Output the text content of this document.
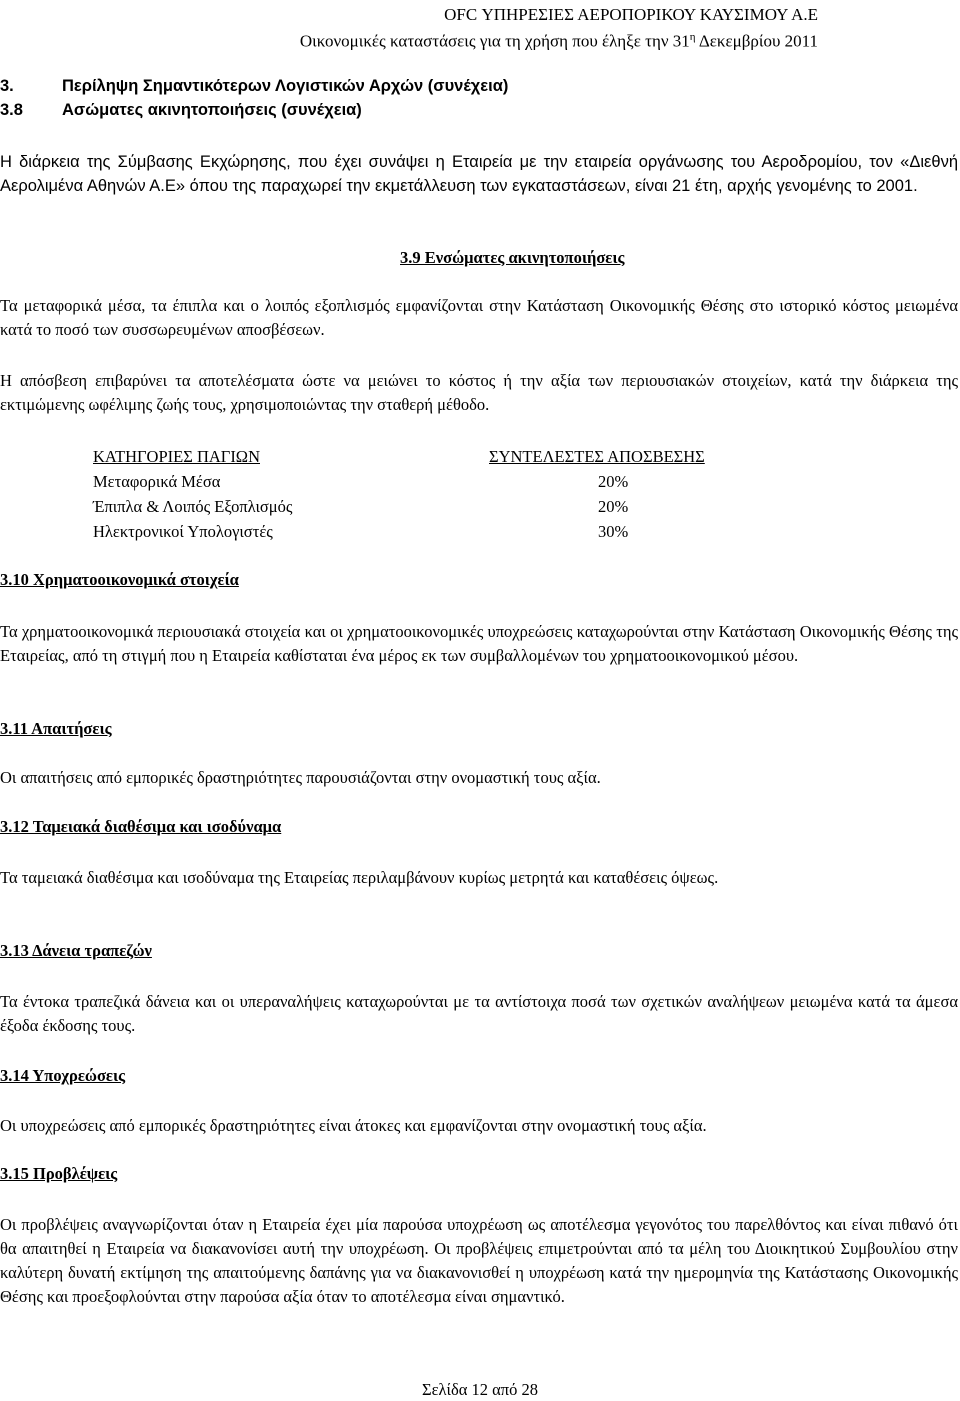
OFC ΥΠΗΡΕΣΙΕΣ ΑΕΡΟΠΟΡΙΚΟΥ ΚΑΥΣΙΜΟΥ Α.Ε
Οικονομικές καταστάσεις για τη χρήση που έληξε την $31^\eta$ Δεκεμβρίου 2011
3.	Περίληψη Σημαντικότερων Λογιστικών Αρχών (συνέχεια)
3.8 Ασώματες ακινητοποιήσεις (συνέχεια)

Η διάρκεια της Σύμβασης Εκχώρησης, που έχει συνάψει η Εταιρεία με την εταιρεία οργάνωσης του Αεροδρομίου, τον «Διεθνή Αερολιμένα Αθηνών Α.Ε» όπου της παραχωρεί την εκμετάλλευση των εγκαταστάσεων, είναι 21 έτη, αρχής γενομένης το 2001.

3.9 Ενσώματες ακινητοποιήσεις

Τα μεταφορικά μέσα, τα έπιπλα και ο λοιπός εξοπλισμός εμφανίζονται στην Κατάσταση Οικονομικής Θέσης στο ιστορικό κόστος μειωμένα κατά το ποσό των συσσωρευμένων αποσβέσεων.

Η απόσβεση επιβαρύνει τα αποτελέσματα ώστε να μειώνει το κόστος ή την αξία των περιουσιακών στοιχείων, κατά την διάρκεια της εκτιμώμενης ωφέλιμης ζωής τους, χρησιμοποιώντας την σταθερή μέθοδο.

ΚΑΤΗΓΟΡΙΕΣ ΠΑΓΙΩΝ	ΣΥΝΤΕΛΕΣΤΕΣ ΑΠΟΣΒΕΣΗΣ
Μεταφορικά Μέσα	20%
Έπιπλα & Λοιπός Εξοπλισμός	20%
Ηλεκτρονικοί Υπολογιστές	30%
3.10 Χρηματοοικονομικά στοιχεία

Τα χρηματοοικονομικά περιουσιακά στοιχεία και οι χρηματοοικονομικές υποχρεώσεις καταχωρούνται στην Κατάσταση Οικονομικής Θέσης της Εταιρείας, από τη στιγμή που η Εταιρεία καθίσταται ένα μέρος εκ των συμβαλλομένων του χρηματοοικονομικού μέσου.

3.11 Απαιτήσεις

Οι απαιτήσεις από εμπορικές δραστηριότητες παρουσιάζονται στην ονομαστική τους αξία.

3.12 Ταμειακά διαθέσιμα και ισοδύναμα

Τα ταμειακά διαθέσιμα και ισοδύναμα της Εταιρείας περιλαμβάνουν κυρίως μετρητά και καταθέσεις όψεως.

3.13 Δάνεια τραπεζών

Τα έντοκα τραπεζικά δάνεια και οι υπεραναλήψεις καταχωρούνται με τα αντίστοιχα ποσά των σχετικών αναλήψεων μειωμένα κατά τα άμεσα έξοδα έκδοσης τους.

3.14 Υποχρεώσεις

Οι υποχρεώσεις από εμπορικές δραστηριότητες είναι άτοκες και εμφανίζονται στην ονομαστική τους αξία.

3.15 Προβλέψεις

Οι προβλέψεις αναγνωρίζονται όταν η Εταιρεία έχει μία παρούσα υποχρέωση ως αποτέλεσμα γεγονότος του παρελθόντος και είναι πιθανό ότι θα απαιτηθεί η Εταιρεία να διακανονίσει αυτή την υποχρέωση. Οι προβλέψεις επιμετρούνται από τα μέλη του Διοικητικού Συμβουλίου στην καλύτερη δυνατή εκτίμηση της απαιτούμενης δαπάνης για να διακανονισθεί η υποχρέωση κατά την ημερομηνία της Κατάστασης Οικονομικής Θέσης και προεξοφλούνται στην παρούσα αξία όταν το αποτέλεσμα είναι σημαντικό.

Σελίδα 12 από 28
